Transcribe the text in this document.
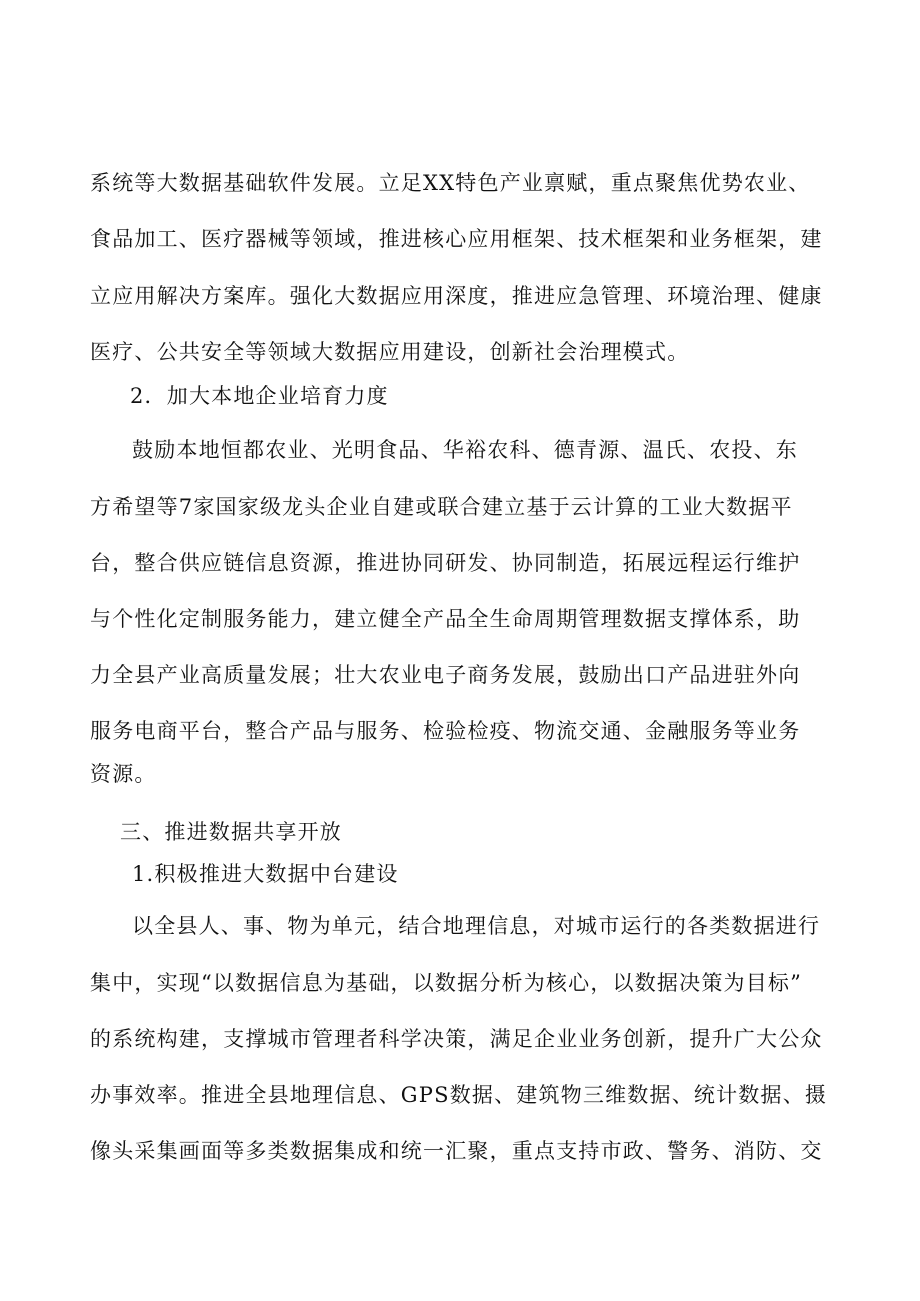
系统等大数据基础软件发展。立足XX特色产业禀赋，重点聚焦优势农业、
食品加工、医疗器械等领域，推进核心应用框架、技术框架和业务框架，建
立应用解决方案库。强化大数据应用深度，推进应急管理、环境治理、健康
医疗、公共安全等领域大数据应用建设，创新社会治理模式。
2．加大本地企业培育力度
鼓励本地恒都农业、光明食品、华裕农科、德青源、温氏、农投、东
方希望等7家国家级龙头企业自建或联合建立基于云计算的工业大数据平
台，整合供应链信息资源，推进协同研发、协同制造，拓展远程运行维护
与个性化定制服务能力，建立健全产品全生命周期管理数据支撑体系，助
力全县产业高质量发展；壮大农业电子商务发展，鼓励出口产品进驻外向
服务电商平台，整合产品与服务、检验检疫、物流交通、金融服务等业务
资源。
三、推进数据共享开放
1.积极推进大数据中台建设
以全县人、事、物为单元，结合地理信息，对城市运行的各类数据进行
集中，实现“以数据信息为基础，以数据分析为核心，以数据决策为目标”
的系统构建，支撑城市管理者科学决策，满足企业业务创新，提升广大公众
办事效率。推进全县地理信息、GPS数据、建筑物三维数据、统计数据、摄
像头采集画面等多类数据集成和统一汇聚，重点支持市政、警务、消防、交
